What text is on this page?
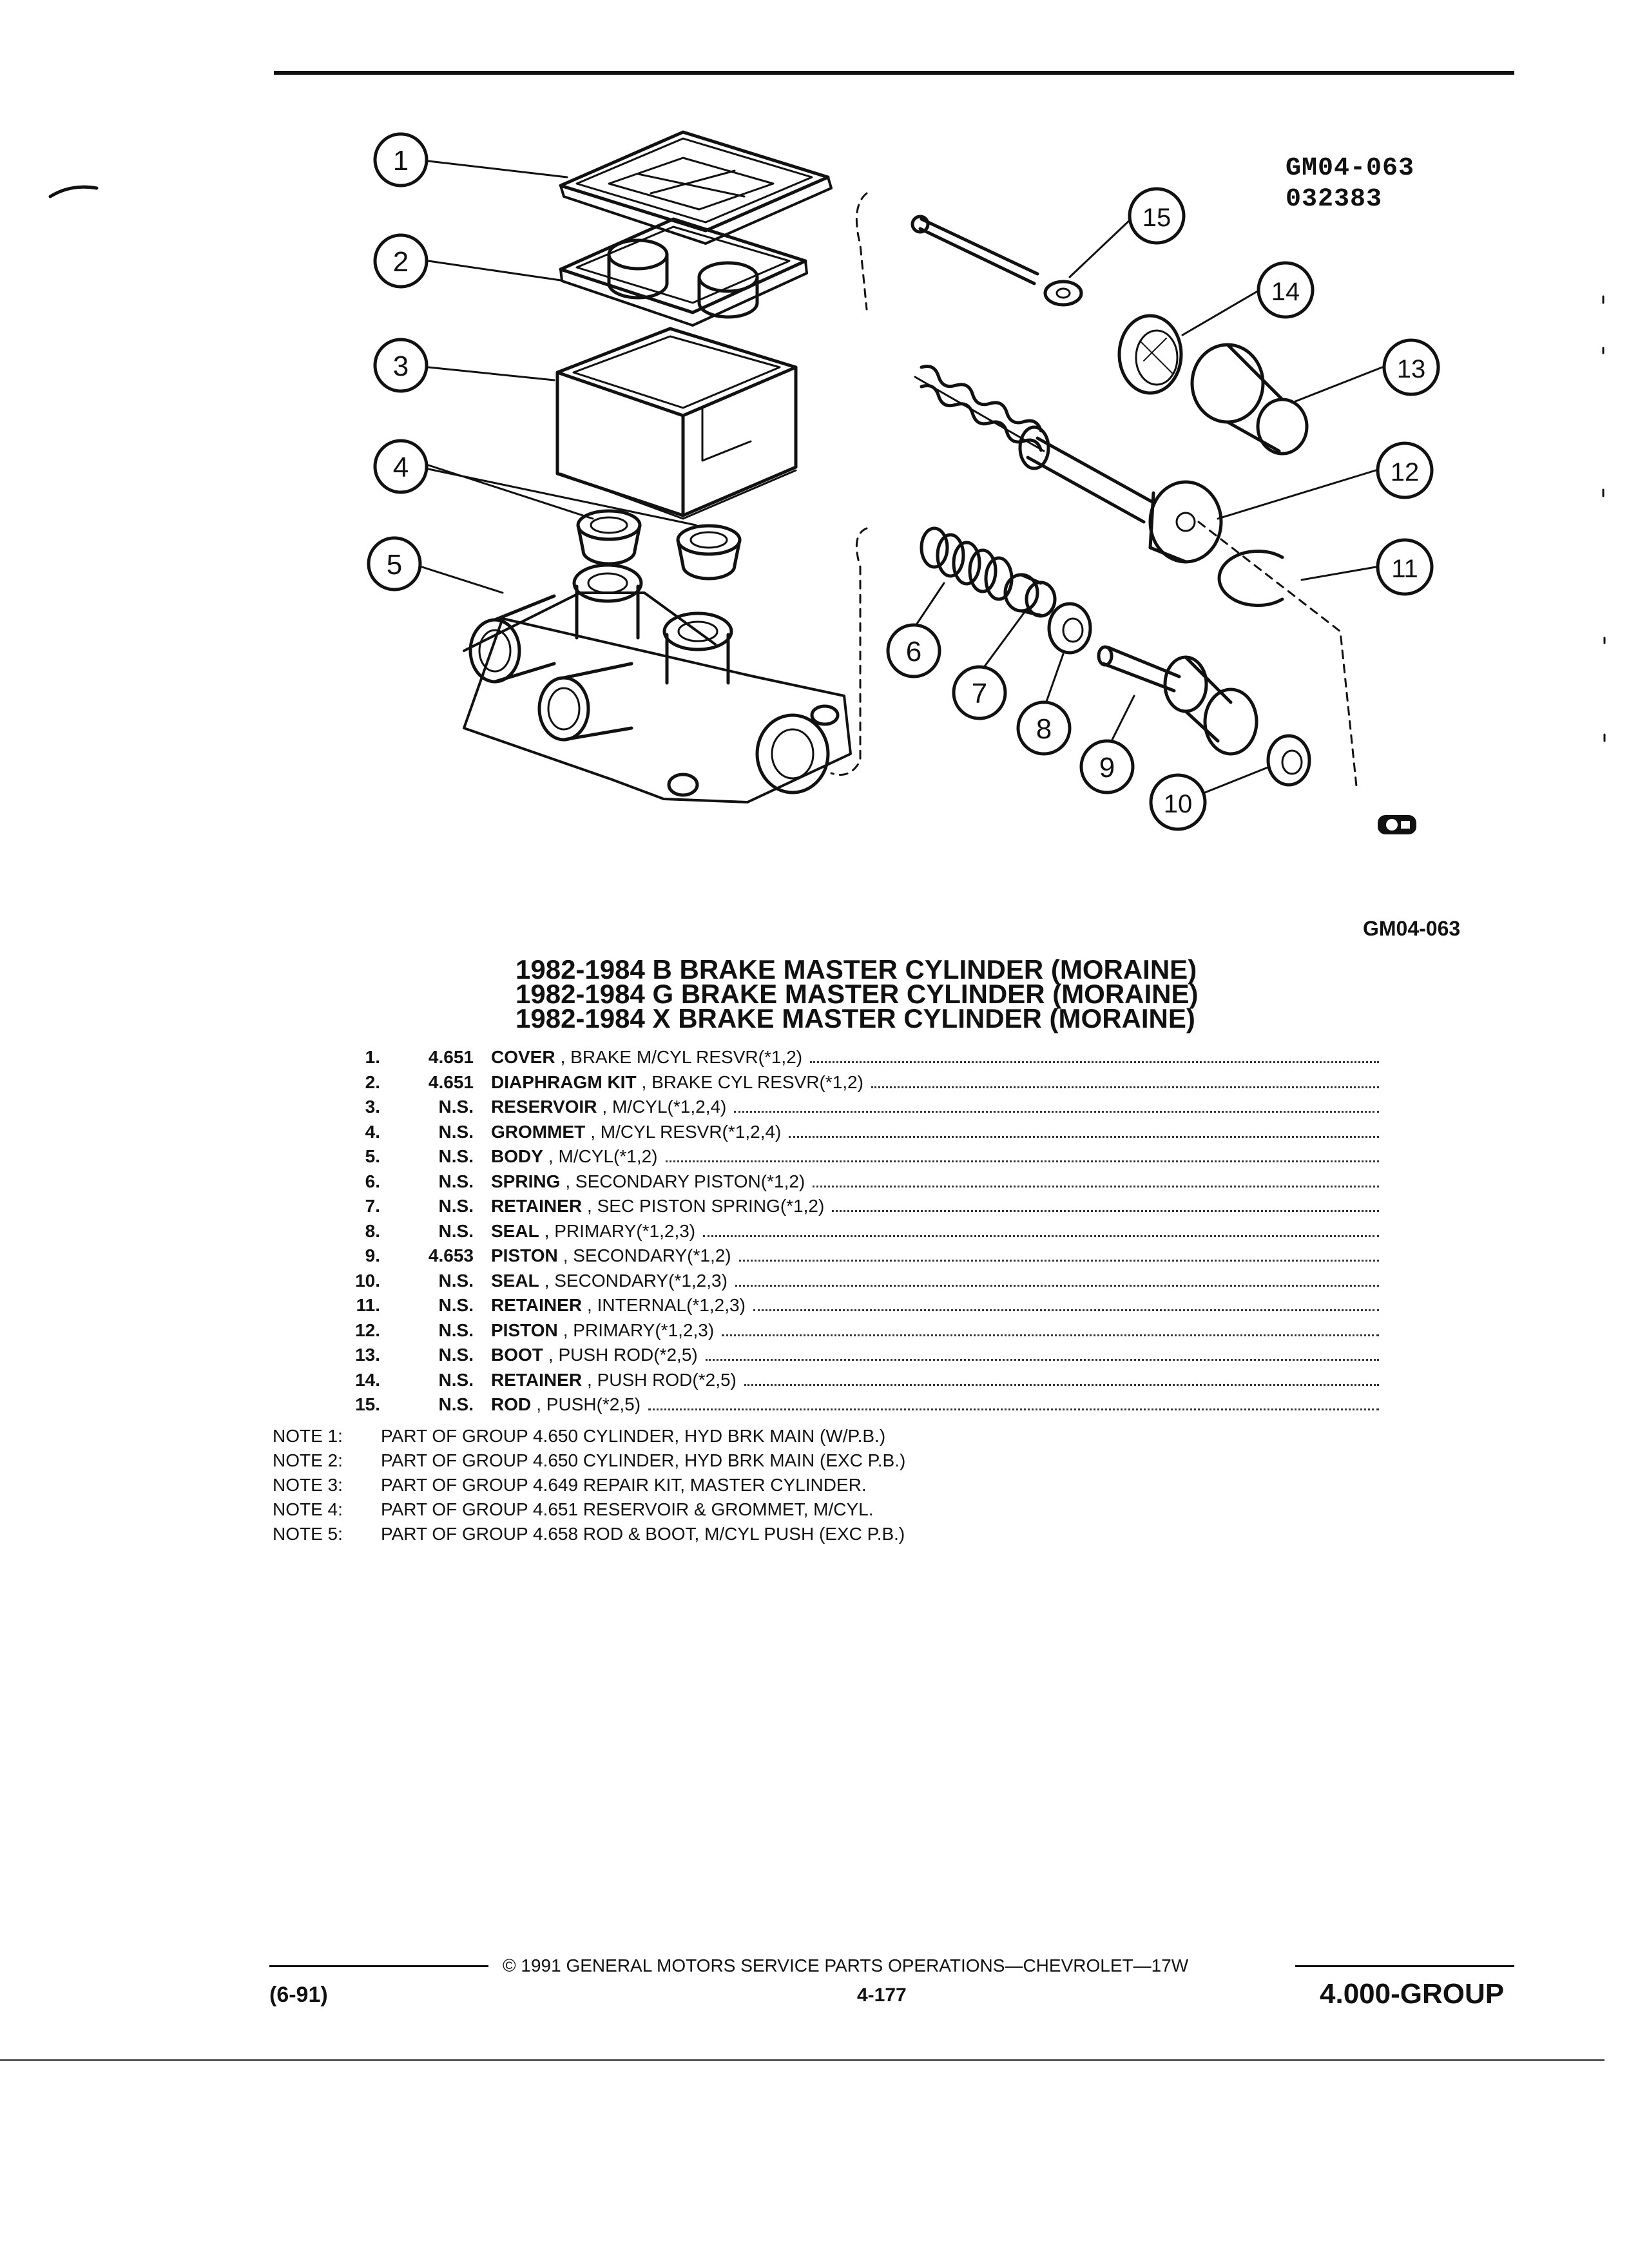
1
2
3
4
5
6
7
8
9
10
11
12
13
14
15
GM04-063
032383
GM04-063
1982-1984 B BRAKE MASTER CYLINDER (MORAINE)
1982-1984 G BRAKE MASTER CYLINDER (MORAINE)
1982-1984 X BRAKE MASTER CYLINDER (MORAINE)
1.	4.651 COVER , BRAKE M/CYL RESVR(*1,2)
2.	4.651 DIAPHRAGM KIT , BRAKE CYL RESVR(*1,2)
3.	N.S. RESERVOIR , M/CYL(*1,2,4)
4.	N.S. GROMMET , M/CYL RESVR(*1,2,4)
5.	N.S. BODY , M/CYL(*1,2)
6.	N.S. SPRING , SECONDARY PISTON(*1,2)
7.	N.S. RETAINER , SEC PISTON SPRING(*1,2)
8.	N.S. SEAL , PRIMARY(*1,2,3)
9.	4.653 PISTON , SECONDARY(*1,2)
10.	N.S. SEAL , SECONDARY(*1,2,3)
11.	N.S. RETAINER , INTERNAL(*1,2,3)
12.	N.S. PISTON , PRIMARY(*1,2,3)
13.	N.S. BOOT , PUSH ROD(*2,5)
14.	N.S. RETAINER , PUSH ROD(*2,5)
15.	N.S. ROD , PUSH(*2,5)
NOTE 1: PART OF GROUP 4.650 CYLINDER, HYD BRK MAIN (W/P.B.)
NOTE 2: PART OF GROUP 4.650 CYLINDER, HYD BRK MAIN (EXC P.B.)
NOTE 3: PART OF GROUP 4.649 REPAIR KIT, MASTER CYLINDER.
NOTE 4: PART OF GROUP 4.651 RESERVOIR & GROMMET, M/CYL.
NOTE 5: PART OF GROUP 4.658 ROD & BOOT, M/CYL PUSH (EXC P.B.)
© 1991 GENERAL MOTORS SERVICE PARTS OPERATIONS—CHEVROLET—17W
(6-91)	4-177	4.000-GROUP
